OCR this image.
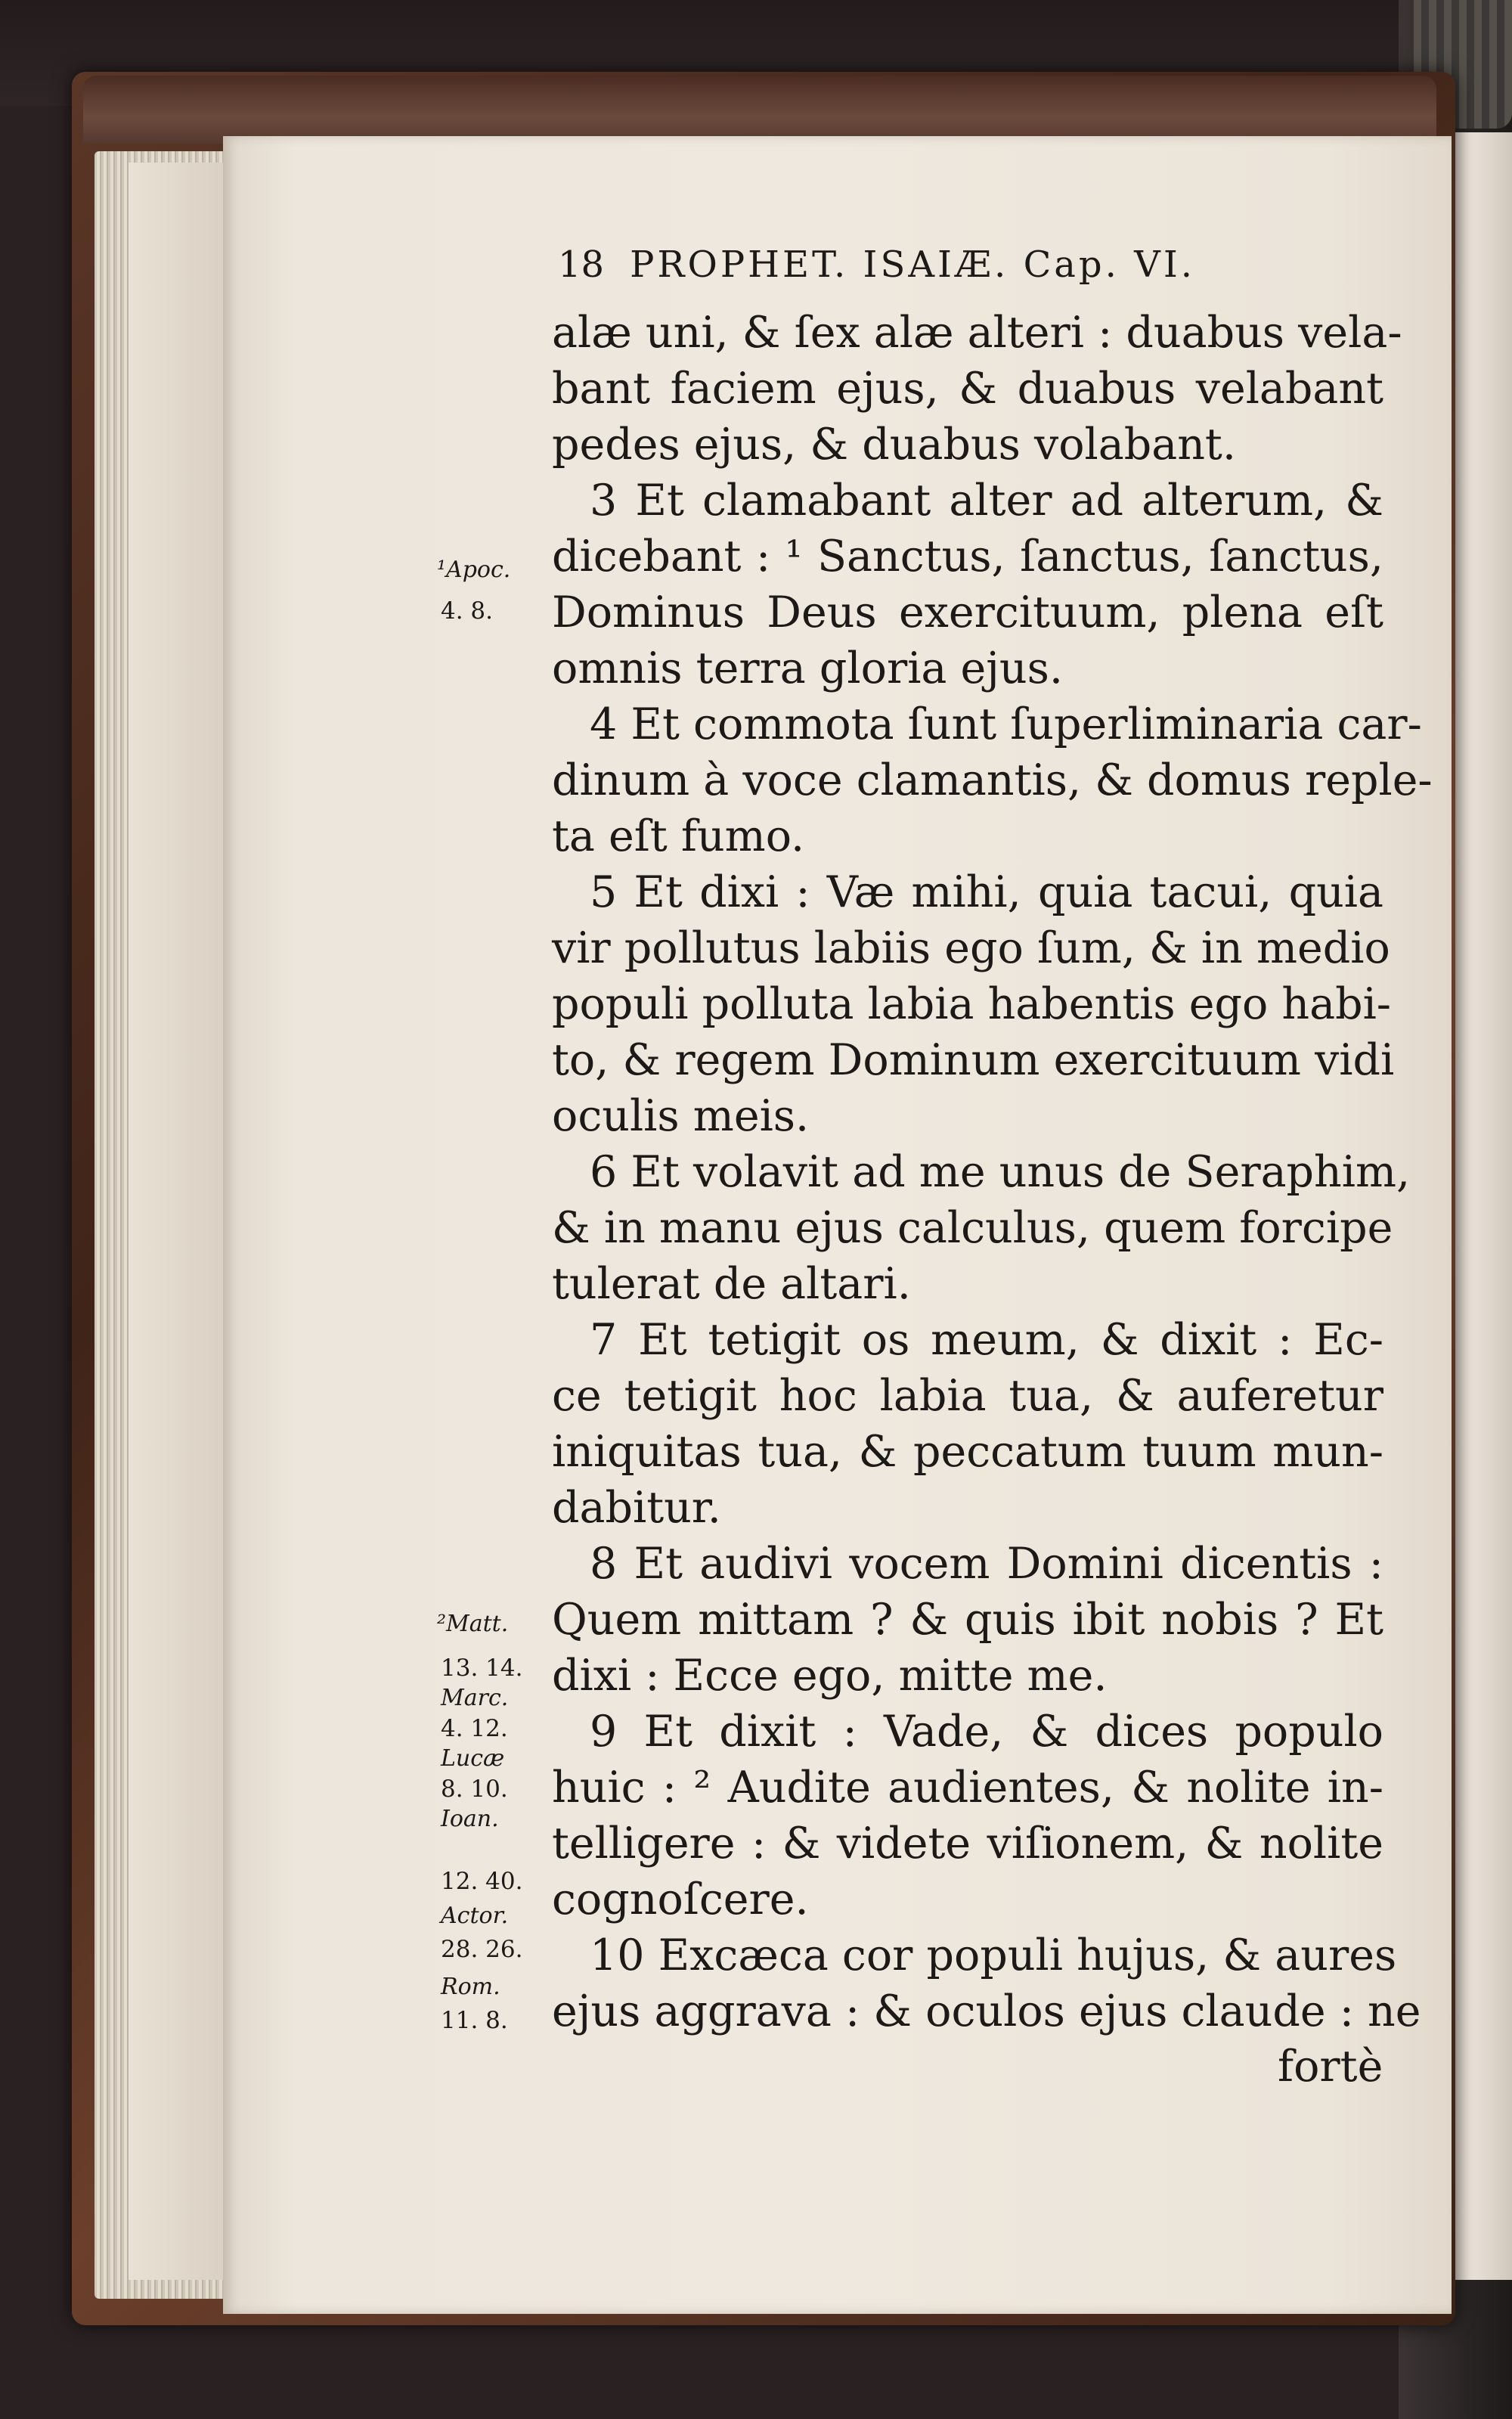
18 PROPHET. ISAIÆ. Cap. VI.
alæ uni, & ſex alæ alteri : duabus vela-
bant faciem ejus, & duabus velabant
pedes ejus, & duabus volabant.
3 Et clamabant alter ad alterum, &
dicebant : ¹ Sanctus, ſanctus, ſanctus,
Dominus Deus exercituum, plena eſt
omnis terra gloria ejus.
4 Et commota ſunt ſuperliminaria car-
dinum à voce clamantis, & domus reple-
ta eſt fumo.
5 Et dixi : Væ mihi, quia tacui, quia
vir pollutus labiis ego ſum, & in medio
populi polluta labia habentis ego habi-
to, & regem Dominum exercituum vidi
oculis meis.
6 Et volavit ad me unus de Seraphim,
& in manu ejus calculus, quem forcipe
tulerat de altari.
7 Et tetigit os meum, & dixit : Ec-
ce tetigit hoc labia tua, & auferetur
iniquitas tua, & peccatum tuum mun-
dabitur.
8 Et audivi vocem Domini dicentis :
Quem mittam ? & quis ibit nobis ? Et
dixi : Ecce ego, mitte me.
9 Et dixit : Vade, & dices populo
huic : ² Audite audientes, & nolite in-
telligere : & videte viſionem, & nolite
cognoſcere.
10 Excæca cor populi hujus, & aures
ejus aggrava : & oculos ejus claude : ne
fortè
¹Apoc.
4. 8.
²Matt.
13. 14.
Marc.
4. 12.
Lucæ
8. 10.
Ioan.
12. 40.
Actor.
28. 26.
Rom.
11. 8.
